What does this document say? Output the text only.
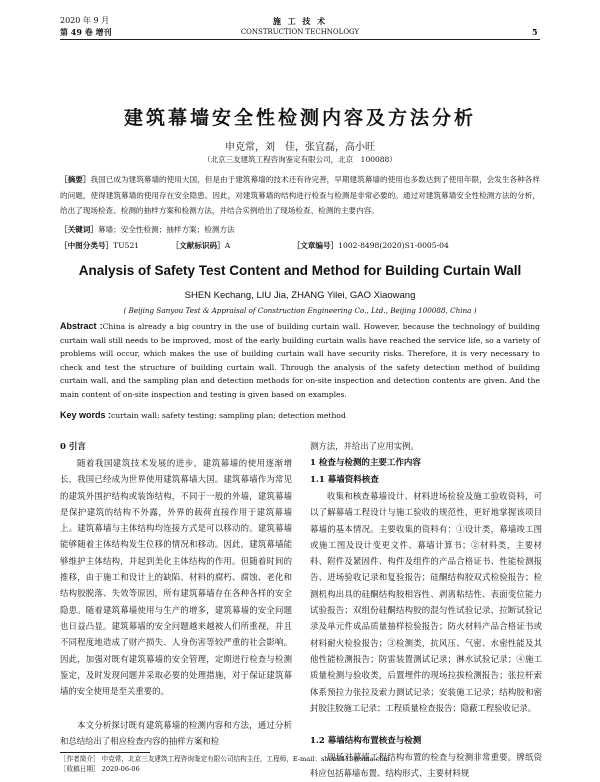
2020 年 9 月
第 49 卷 增刊
施 工 技 术
CONSTRUCTION TECHNOLOGY	5
建筑幕墙安全性检测内容及方法分析
申克常，刘　佳，张宜磊，高小旺
（北京三友建筑工程咨询鉴定有限公司，北京　100088）
［摘要］我国已成为建筑幕墙的使用大国，但是由于建筑幕墙的技术还有待完善，早期建筑幕墙的使用也多数达到了使用年限，会发生各种各样的问题，使得建筑幕墙的使用存在安全隐患。因此，对建筑幕墙的结构进行检查与检测是非常必要的。通过对建筑幕墙安全性检测方法的分析，给出了现场检查、检测的抽样方案和检测方法，并结合实例给出了现场检查、检测的主要内容。
［关键词］幕墙；安全性检测；抽样方案；检测方法
［中图分类号］TU521	［文献标识码］A	［文章编号］1002-8498(2020)S1-0005-04
Analysis of Safety Test Content and Method for Building Curtain Wall
SHEN Kechang, LIU Jia, ZHANG Yilei, GAO Xiaowang
( Beijing Sanyou Test & Appraisal of Construction Engineering Co., Ltd., Beijing 100088, China )
Abstract :China is already a big country in the use of building curtain wall. However, because the technology of building curtain wall still needs to be improved, most of the early building curtain walls have reached the service life, so a variety of problems will occur, which makes the use of building curtain wall have security risks. Therefore, it is very necessary to check and test the structure of building curtain wall. Through the analysis of the safety detection method of building curtain wall, and the sampling plan and detection methods for on-site inspection and detection contents are given. And the main content of on-site inspection and testing is given based on examples.
Key words :curtain wall; safety testing; sampling plan; detection method
0 引言
随着我国建筑技术发展的进步，建筑幕墙的使用逐渐增长，我国已经成为世界使用建筑幕墙大国。建筑幕墙作为常见的建筑外围护结构或装饰结构，不同于一般的外墙，建筑幕墙是保护建筑的结构不外露，外界的载荷直接作用于建筑幕墙上。建筑幕墙与主体结构均连接方式是可以移动的。建筑幕墙能够随着主体结构发生位移的情况和移动。因此，建筑幕墙能够维护主体结构，并起到美化主体结构的作用。但随着时间的推移，由于施工和设计上的缺陷、材料的腐朽、腐蚀、老化和结构胶脱落、失效等原因，所有建筑幕墙存在各种各样的安全隐患。随着建筑幕墙使用与生产的增多，建筑幕墙的安全问题也日益凸显。建筑幕墙的安全问题越来越被人们所重视，并且不同程度地造成了财产损失、人身伤害等较严重的社会影响。因此，加强对既有建筑幕墙的安全管理，定期进行检查与检测鉴定，及时发现问题并采取必要的处理措施，对于保证建筑幕墙的安全使用是至关重要的。
本文分析探讨既有建筑幕墙的检测内容和方法，通过分析和总结给出了相应检查内容的抽样方案和检
［作者简介］ 申克常，北京三友建筑工程咨询鉴定有限公司结构主任，工程师，E-mail：shenk413@sina.com
［收稿日期］ 2020-06-06
测方法，并给出了应用实例。
1 检查与检测的主要工作内容
1.1 幕墙资料核查
收集和核查幕墙设计、材料进场检验及施工验收资料，可以了解幕墙工程设计与施工验收的规范性，更好地掌握该项目幕墙的基本情况。主要收集的资料有：①设计类，幕墙竣工图或施工图及设计变更文件、幕墙计算书；②材料类，主要材料、附件及紧固件、构件及组件的产品合格证书、性能检测报告、进场验收记录和复验报告；硅酮结构胶双式检验报告；检测机构出具的硅酮结构胶相容性、剥离粘结性、表面变位能力试验报告；双组份硅酮结构胶的混匀性试验记录、拉断试验记录及单元件成品质量抽样检验报告；防火材料产品合格证书或材料耐火检验报告；③检测类，抗风压、气密、水密性能及其他性能检测报告；防雷装置测试记录；淋水试验记录；④施工质量检测与验收类，后置埋件的现场拉拔检测报告；张拉杆索体系预拉力张拉及索力测试记录；安装施工记录；结构胶和密封胶注胶施工记录；工程质量检查报告；隐蔽工程验收记录。
1.2 幕墙结构布置核查与检测
现场对幕墙工程结构布置的检查与检测非常重要。牌纸资料应包括幕墙布置、结构形式、主要材料规
